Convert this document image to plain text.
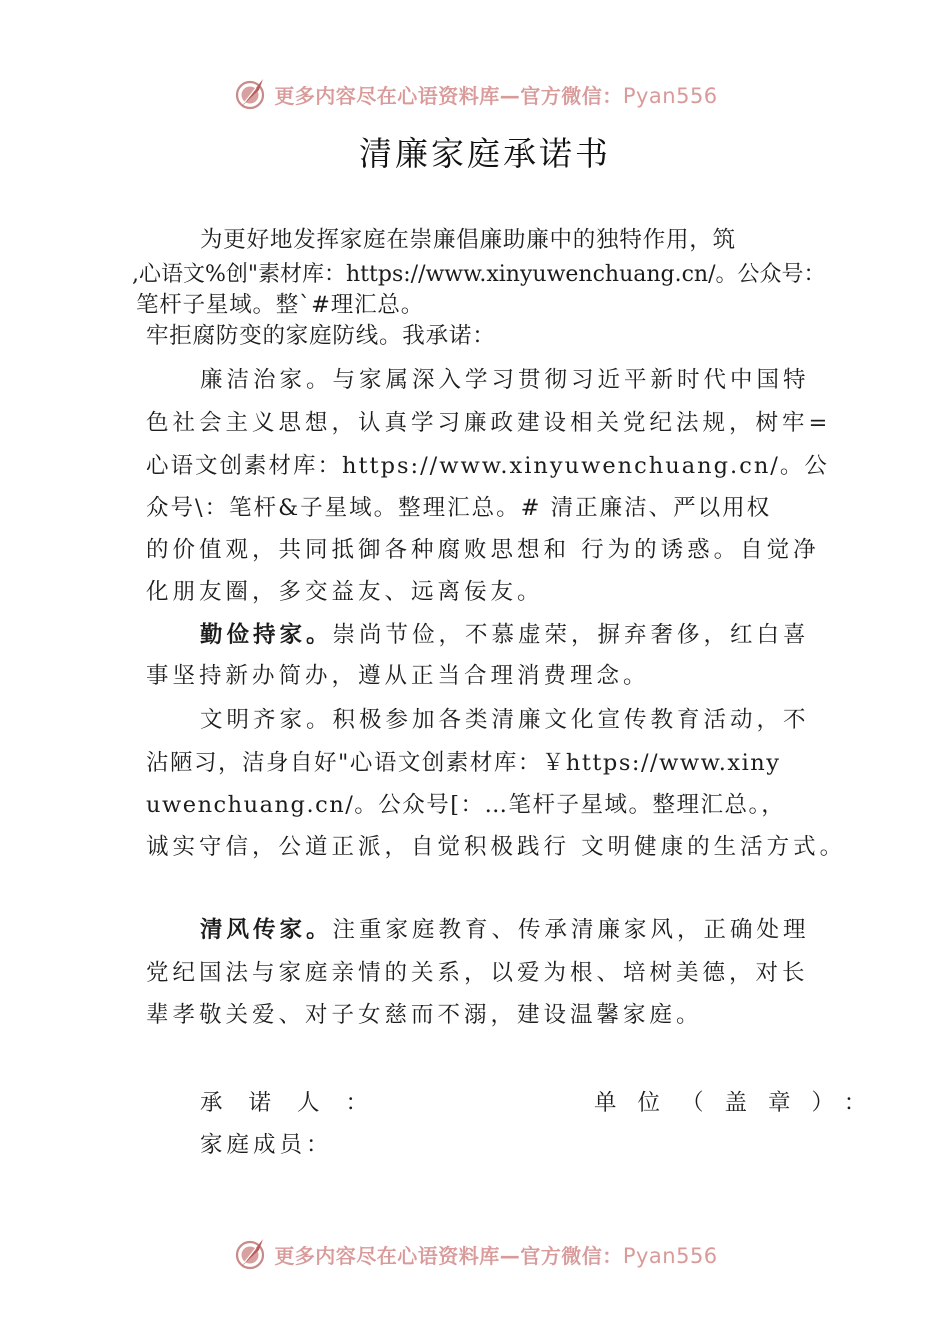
更多内容尽在心语资料库—官方微信：Pyan556
清廉家庭承诺书
为更好地发挥家庭在崇廉倡廉助廉中的独特作用，筑
,心语文%创"素材库：https://www.xinyuwenchuang.cn/。公众号：
笔杆子星域。整`#理汇总。
牢拒腐防变的家庭防线。我承诺：
廉洁治家。与家属深入学习贯彻习近平新时代中国特
色社会主义思想，认真学习廉政建设相关党纪法规，树牢=
心语文创素材库：https://www.xinyuwenchuang.cn/。公
众号\：笔杆&子星域。整理汇总。# 清正廉洁、严以用权
的价值观，共同抵御各种腐败思想和 行为的诱惑。自觉净
化朋友圈，多交益友、远离佞友。
勤俭持家。崇尚节俭，不慕虚荣，摒弃奢侈，红白喜
事坚持新办简办，遵从正当合理消费理念。
文明齐家。积极参加各类清廉文化宣传教育活动，不
沾陋习，洁身自好"心语文创素材库：￥https://www.xiny
uwenchuang.cn/。公众号[：…笔杆子星域。整理汇总。，
诚实守信，公道正派，自觉积极践行 文明健康的生活方式。
清风传家。注重家庭教育、传承清廉家风，正确处理
党纪国法与家庭亲情的关系，以爱为根、培树美德，对长
辈孝敬关爱、对子女慈而不溺，建设温馨家庭。
承诺人：	单位（盖章）：
家庭成员：
更多内容尽在心语资料库—官方微信：Pyan556
